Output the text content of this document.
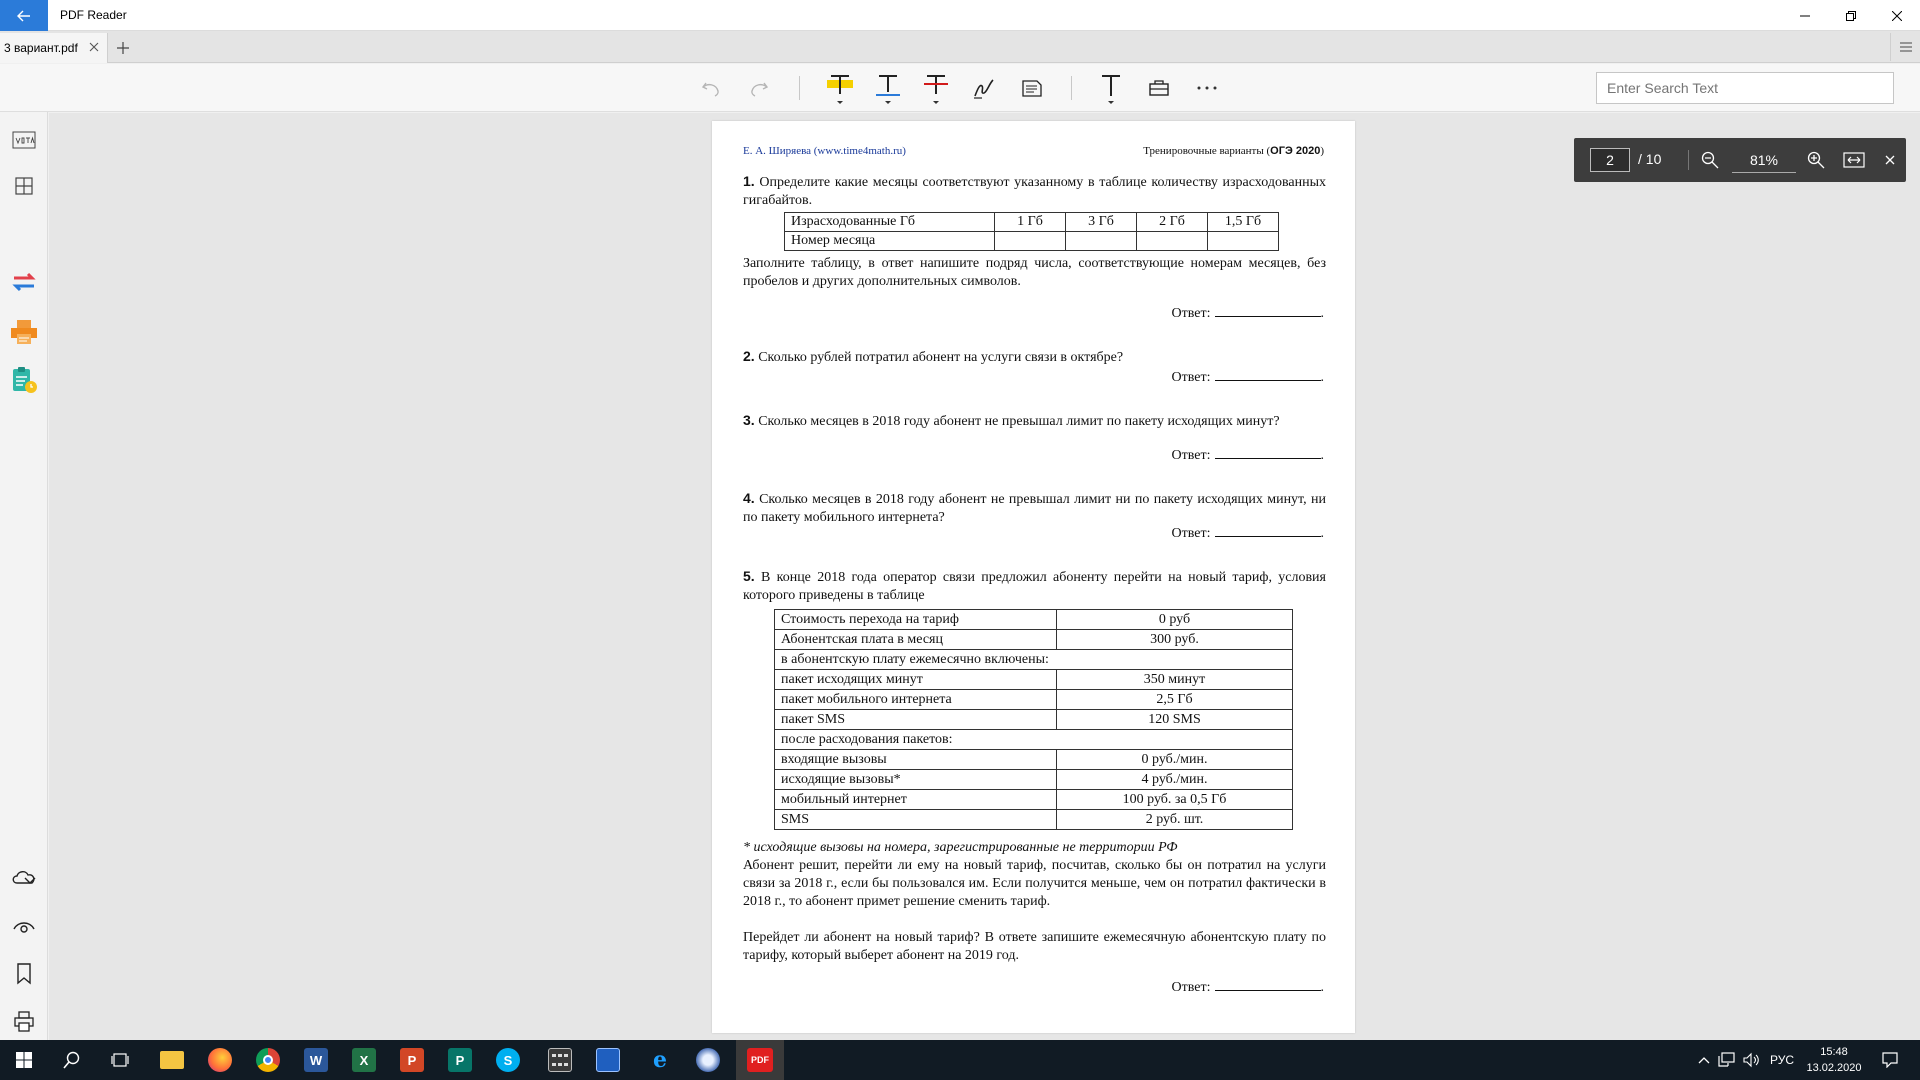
PDF Reader
3 вариант.pdf
Enter Search Text
Е. А. Ширяева (www.time4math.ru)	Тренировочные варианты (ОГЭ 2020)
1. Определите какие месяцы соответствуют указанному в таблице количеству израсходованных гигабайтов.
Израсходованные Гб	1 Гб	3 Гб	2 Гб	1,5 Гб
Номер месяца				
Заполните таблицу, в ответ напишите подряд числа, соответствующие номерам месяцев, без пробелов и других дополнительных символов.
Ответ:	.
2. Сколько рублей потратил абонент на услуги связи в октябре?
Ответ:	.
3. Сколько месяцев в 2018 году абонент не превышал лимит по пакету исходящих минут?
Ответ:	.
4. Сколько месяцев в 2018 году абонент не превышал лимит ни по пакету исходящих минут, ни по пакету мобильного интернета?
Ответ:	.
5. В конце 2018 года оператор связи предложил абоненту перейти на новый тариф, условия которого приведены в таблице
Стоимость перехода на тариф	0 руб
Абонентская плата в месяц	300 руб.
в абонентскую плату ежемесячно включены:	
пакет исходящих минут	350 минут
пакет мобильного интернета	2,5 Гб
пакет SMS	120 SMS
после расходования пакетов:	
входящие вызовы	0 руб./мин.
исходящие вызовы*	4 руб./мин.
мобильный интернет	100 руб. за 0,5 Гб
SMS	2 руб. шт.
* исходящие вызовы на номера, зарегистрированные не территории РФ
Абонент решит, перейти ли ему на новый тариф, посчитав, сколько бы он потратил на услуги связи за 2018 г., если бы пользовался им. Если получится меньше, чем он потратил фактически в 2018 г., то абонент примет решение сменить тариф.
Перейдет ли абонент на новый тариф? В ответе запишите ежемесячную абонентскую плату по тарифу, который выберет абонент на 2019 год.
Ответ:	.
2	/ 10	81%
W	X	P	P	S	e	PDF	РУС
15:48
13.02.2020
